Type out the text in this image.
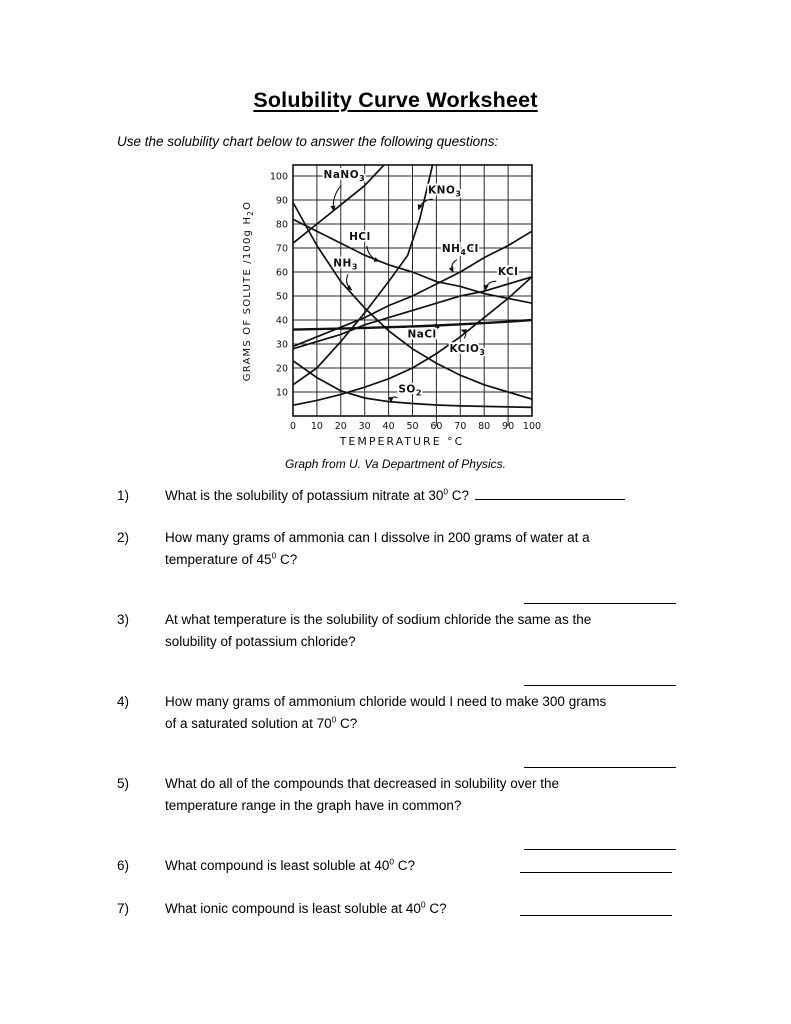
Solubility Curve Worksheet

Use the solubility chart below to answer the following questions:

0 10 20 30 40 50 60 70 80 90 100
10
20
30
40
50
60
70
80
90
100
TEMPERATURE °C
GRAMS OF SOLUTE /100g $H_2O$
NaNO$_3$
$KNO_3$
HCl
$NH_3$
$NH_4Cl$
KCl
NaCl
KClO$_3$
$SO_2$
Graph from U. Va Department of Physics.
1)	What is the solubility of potassium nitrate at $30^0$ C?
2)	How many grams of ammonia can I dissolve in 200 grams of water at a
temperature of $45^0$ C?
3)	At what temperature is the solubility of sodium chloride the same as the
solubility of potassium chloride?
4)	How many grams of ammonium chloride would I need to make 300 grams
of a saturated solution at $70^0$ C?
5)	What do all of the compounds that decreased in solubility over the
temperature range in the graph have in common?
6)	What compound is least soluble at $40^0$ C?
7)	What ionic compound is least soluble at $40^0$ C?
